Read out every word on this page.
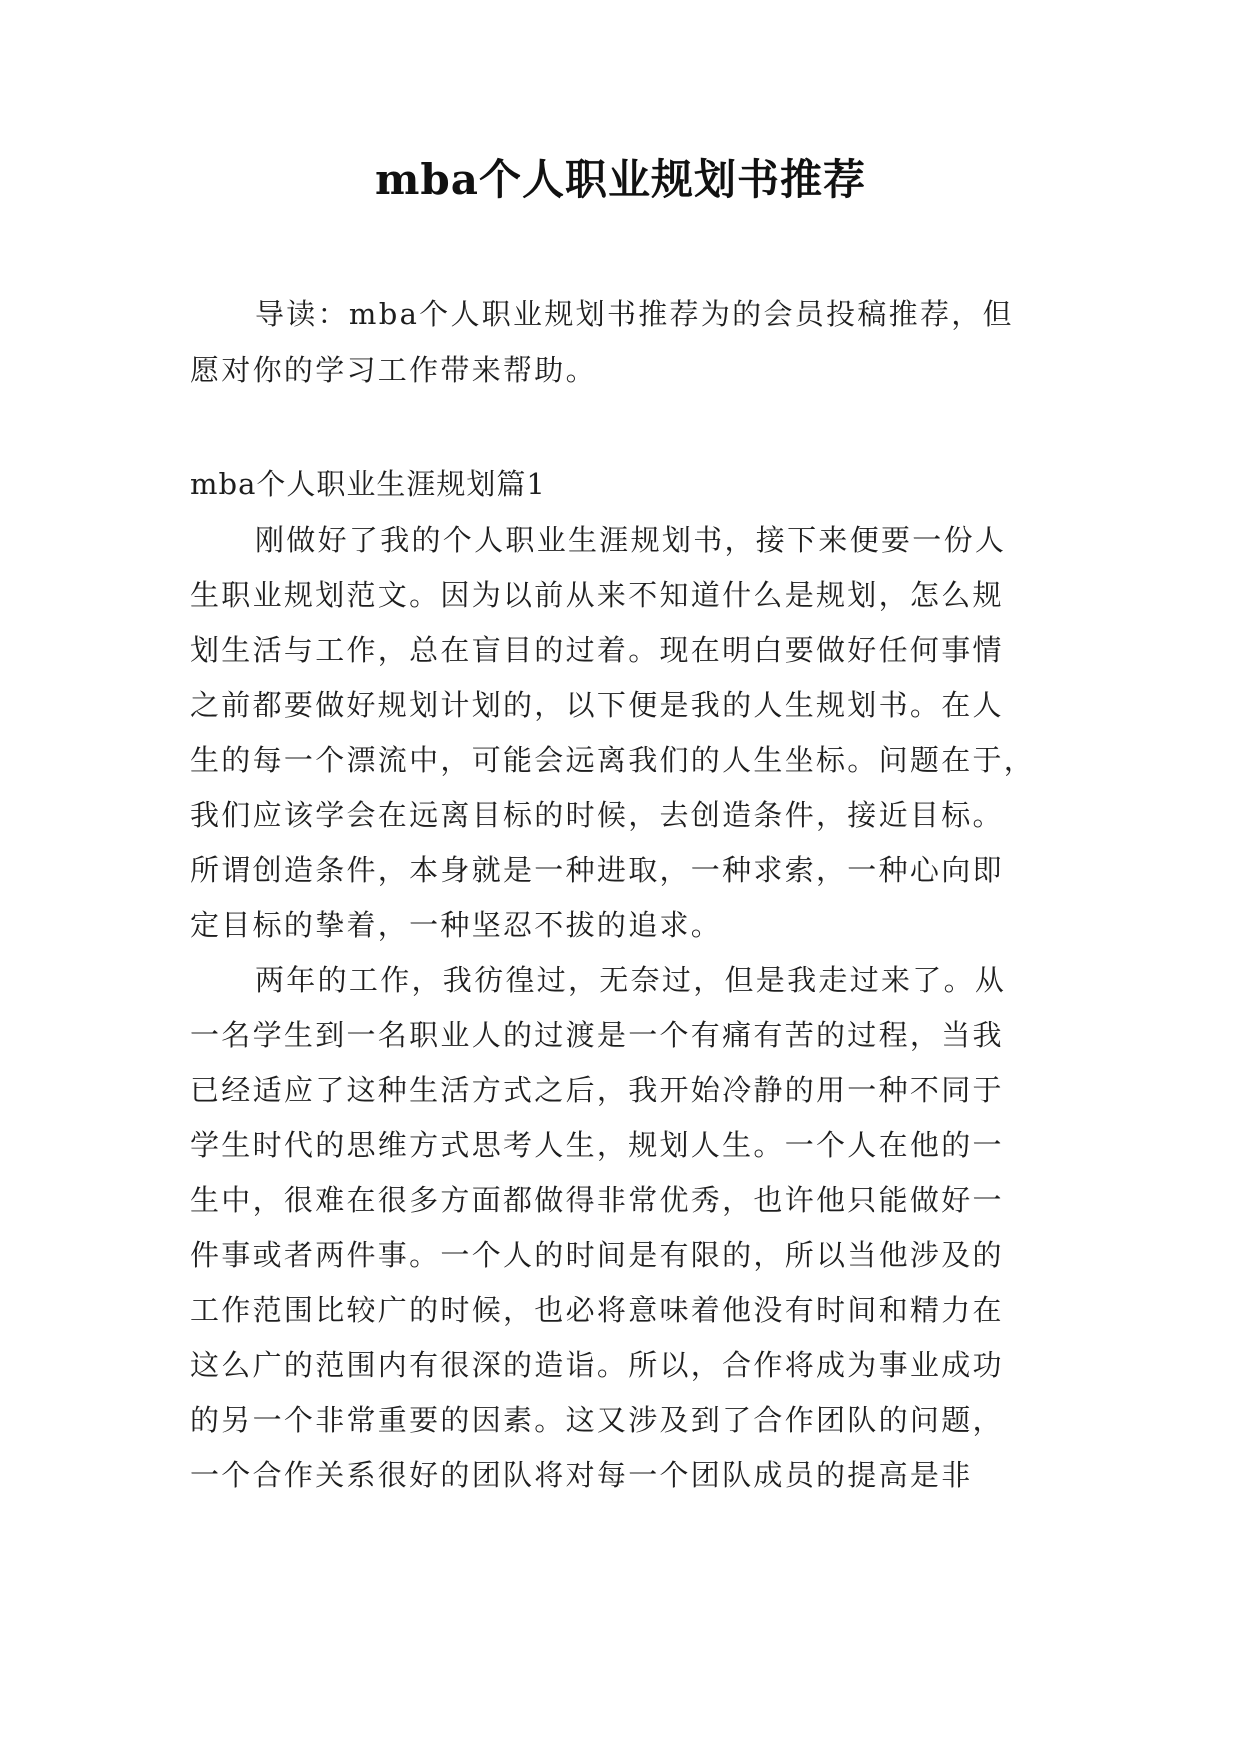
mba个人职业规划书推荐
导读：mba个人职业规划书推荐为的会员投稿推荐，但
愿对你的学习工作带来帮助。
mba个人职业生涯规划篇1
刚做好了我的个人职业生涯规划书，接下来便要一份人
生职业规划范文。因为以前从来不知道什么是规划，怎么规
划生活与工作，总在盲目的过着。现在明白要做好任何事情
之前都要做好规划计划的，以下便是我的人生规划书。在人
生的每一个漂流中，可能会远离我们的人生坐标。问题在于，
我们应该学会在远离目标的时候，去创造条件，接近目标。
所谓创造条件，本身就是一种进取，一种求索，一种心向即
定目标的挚着，一种坚忍不拔的追求。
两年的工作，我彷徨过，无奈过，但是我走过来了。从
一名学生到一名职业人的过渡是一个有痛有苦的过程，当我
已经适应了这种生活方式之后，我开始冷静的用一种不同于
学生时代的思维方式思考人生，规划人生。一个人在他的一
生中，很难在很多方面都做得非常优秀，也许他只能做好一
件事或者两件事。一个人的时间是有限的，所以当他涉及的
工作范围比较广的时候，也必将意味着他没有时间和精力在
这么广的范围内有很深的造诣。所以，合作将成为事业成功
的另一个非常重要的因素。这又涉及到了合作团队的问题，
一个合作关系很好的团队将对每一个团队成员的提高是非
